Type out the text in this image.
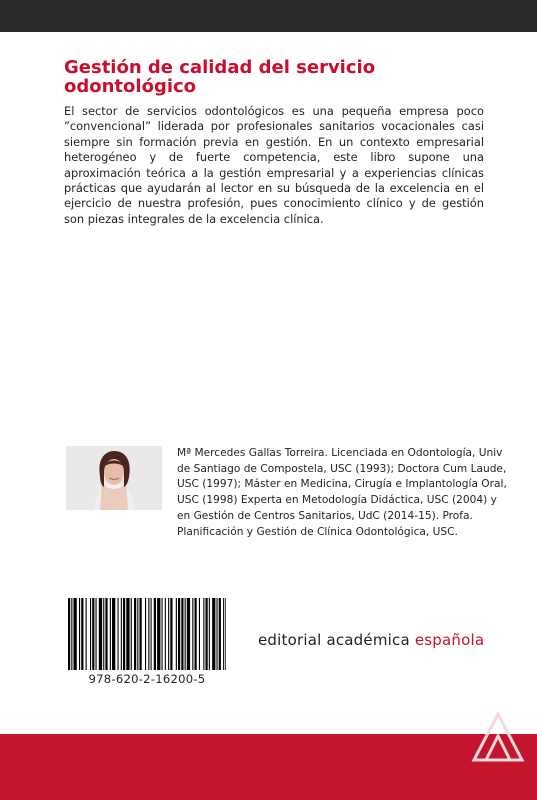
Gestión de calidad del servicio odontológico

El sector de servicios odontológicos es una pequeña empresa poco ”convencional” liderada por profesionales sanitarios vocacionales casi siempre sin formación previa en gestión. En un contexto empresarial heterogéneo y de fuerte competencia, este libro supone una aproximación teórica a la gestión empresarial y a experiencias clínicas prácticas que ayudarán al lector en su búsqueda de la excelencia en el ejercicio de nuestra profesión, pues conocimiento clínico y de gestión son piezas integrales de la excelencia clínica.

Mª Mercedes Gallas Torreira. Licenciada en Odontología, Univ de Santiago de Compostela, USC (1993); Doctora Cum Laude, USC (1997); Máster en Medicina, Cirugía e Implantología Oral, USC (1998) Experta en Metodología Didáctica, USC (2004) y en Gestión de Centros Sanitarios, UdC (2014-15). Profa. Planificación y Gestión de Clínica Odontológica, USC.

978-620-2-16200-5
editorial académica española
